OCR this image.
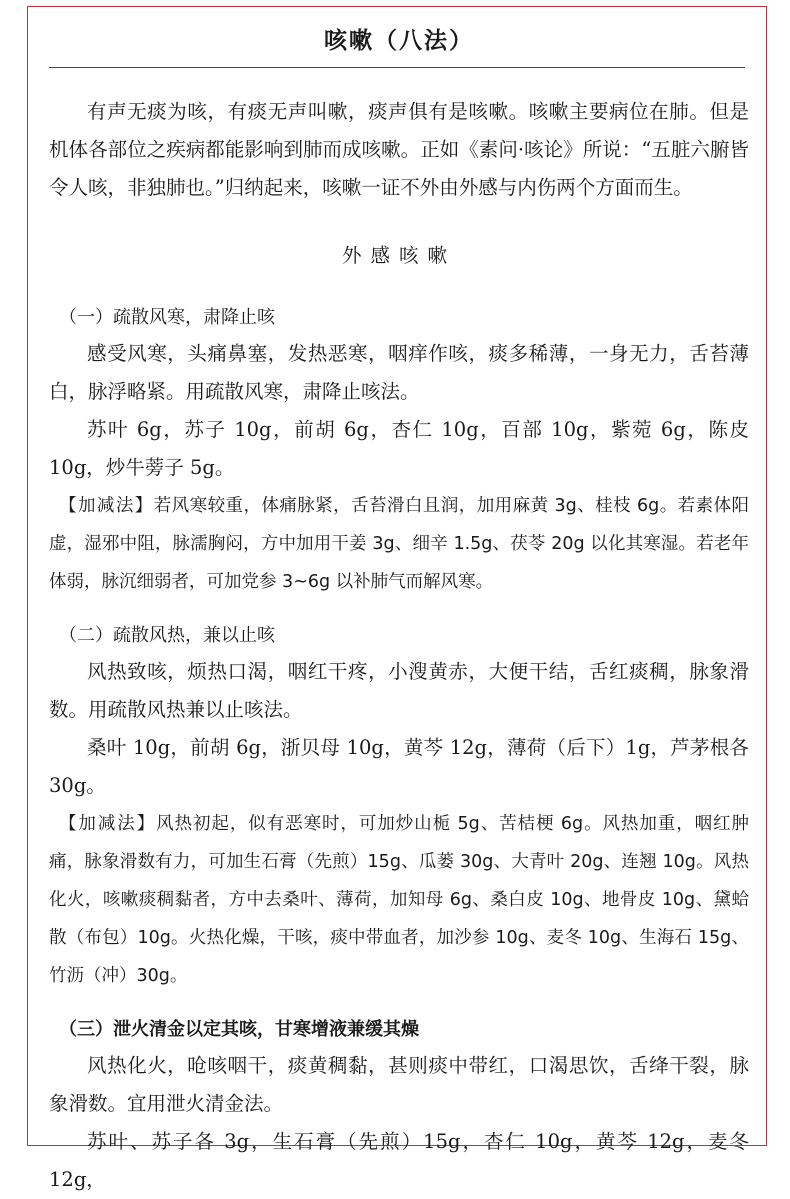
咳嗽（八法）

有声无痰为咳，有痰无声叫嗽，痰声俱有是咳嗽。咳嗽主要病位在肺。但是机体各部位之疾病都能影响到肺而成咳嗽。正如《素问·咳论》所说：“五脏六腑皆令人咳，非独肺也。”归纳起来，咳嗽一证不外由外感与内伤两个方面而生。

外感咳嗽

（一）疏散风寒，肃降止咳

感受风寒，头痛鼻塞，发热恶寒，咽痒作咳，痰多稀薄，一身无力，舌苔薄白，脉浮略紧。用疏散风寒，肃降止咳法。

苏叶 6g，苏子 10g，前胡 6g，杏仁 10g，百部 10g，紫菀 6g，陈皮 10g，炒牛蒡子 5g。

【加减法】若风寒较重，体痛脉紧，舌苔滑白且润，加用麻黄 3g、桂枝 6g。若素体阳虚，湿邪中阻，脉濡胸闷，方中加用干姜 3g、细辛 1.5g、茯苓 20g 以化其寒湿。若老年体弱，脉沉细弱者，可加党参 3~6g 以补肺气而解风寒。

（二）疏散风热，兼以止咳

风热致咳，烦热口渴，咽红干疼，小溲黄赤，大便干结，舌红痰稠，脉象滑数。用疏散风热兼以止咳法。

桑叶 10g，前胡 6g，浙贝母 10g，黄芩 12g，薄荷（后下）1g，芦茅根各 30g。

【加减法】风热初起，似有恶寒时，可加炒山栀 5g、苦桔梗 6g。风热加重，咽红肿痛，脉象滑数有力，可加生石膏（先煎）15g、瓜蒌 30g、大青叶 20g、连翘 10g。风热化火，咳嗽痰稠黏者，方中去桑叶、薄荷，加知母 6g、桑白皮 10g、地骨皮 10g、黛蛤散（布包）10g。火热化燥，干咳，痰中带血者，加沙参 10g、麦冬 10g、生海石 15g、竹沥（冲）30g。

（三）泄火清金以定其咳，甘寒增液兼缓其燥

风热化火，呛咳咽干，痰黄稠黏，甚则痰中带红，口渴思饮，舌绛干裂，脉象滑数。宜用泄火清金法。

苏叶、苏子各 3g，生石膏（先煎）15g，杏仁 10g，黄芩 12g，麦冬 12g，
